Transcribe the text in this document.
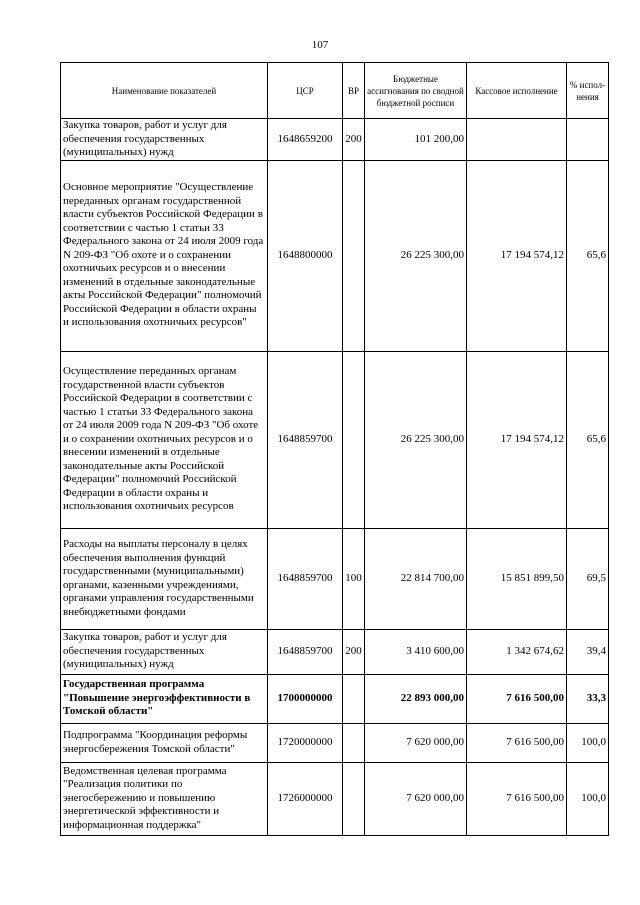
107
Наименование показателей	ЦСР	ВР	Бюджетные ассигнования по сводной бюджетной росписи	Кассовое исполнение	% испол-нения
Закупка товаров, работ и услуг для обеспечения государственных (муниципальных) нужд	1648659200	200	101 200,00		
Основное мероприятие "Осуществление переданных органам государственной власти субъектов Российской Федерации в соответствии с частью 1 статьи 33 Федерального закона от 24 июля 2009 года N 209-ФЗ "Об охоте и о сохранении охотничьих ресурсов и о внесении изменений в отдельные законодательные акты Российской Федерации" полномочий Российской Федерации в области охраны и использования охотничьих ресурсов"	1648800000		26 225 300,00	17 194 574,12	65,6
Осуществление переданных органам государственной власти субъектов Российской Федерации в соответствии с частью 1 статьи 33 Федерального закона от 24 июля 2009 года N 209-ФЗ "Об охоте и о сохранении охотничьих ресурсов и о внесении изменений в отдельные законодательные акты Российской Федерации" полномочий Российской Федерации в области охраны и использования охотничьих ресурсов	1648859700		26 225 300,00	17 194 574,12	65,6
Расходы на выплаты персоналу в целях обеспечения выполнения функций государственными (муниципальными) органами, казенными учреждениями, органами управления государственными внебюджетными фондами	1648859700	100	22 814 700,00	15 851 899,50	69,5
Закупка товаров, работ и услуг для обеспечения государственных (муниципальных) нужд	1648859700	200	3 410 600,00	1 342 674,62	39,4
Государственная программа "Повышение энергоэффективности в Томской области"	1700000000		22 893 000,00	7 616 500,00	33,3
Подпрограмма "Координация реформы энергосбережения Томской области"	1720000000		7 620 000,00	7 616 500,00	100,0
Ведомственная целевая программа "Реализация политики по энегосбережению и повышению энергетической эффективности и информационная поддержка"	1726000000		7 620 000,00	7 616 500,00	100,0
